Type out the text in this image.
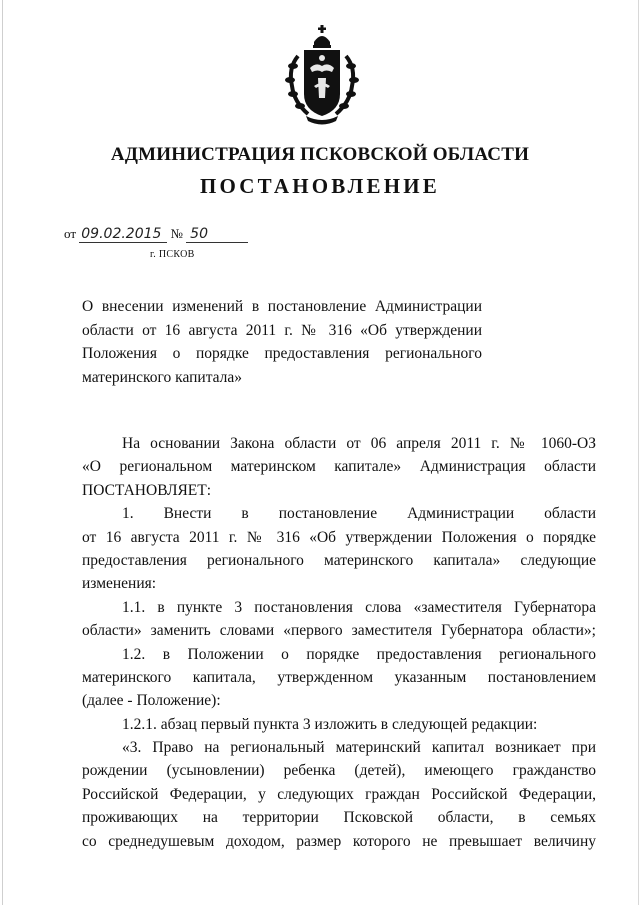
АДМИНИСТРАЦИЯ ПСКОВСКОЙ ОБЛАСТИ
ПОСТАНОВЛЕНИЕ
от 09.02.2015 № 50
г. ПСКОВ
О внесении изменений в постановление Администрации
области от 16 августа 2011 г. № 316 «Об утверждении
Положения о порядке предоставления регионального
материнского капитала»
На основании Закона области от 06 апреля 2011 г. № 1060-ОЗ
«О региональном материнском капитале» Администрация области
ПОСТАНОВЛЯЕТ:
1. Внести в постановление Администрации области
от 16 августа 2011 г. № 316 «Об утверждении Положения о порядке
предоставления регионального материнского капитала» следующие
изменения:
1.1. в пункте 3 постановления слова «заместителя Губернатора
области» заменить словами «первого заместителя Губернатора области»;
1.2. в Положении о порядке предоставления регионального
материнского капитала, утвержденном указанным постановлением
(далее - Положение):
1.2.1. абзац первый пункта 3 изложить в следующей редакции:
«3. Право на региональный материнский капитал возникает при
рождении (усыновлении) ребенка (детей), имеющего гражданство
Российской Федерации, у следующих граждан Российской Федерации,
проживающих на территории Псковской области, в семьях
со среднедушевым доходом, размер которого не превышает величину
